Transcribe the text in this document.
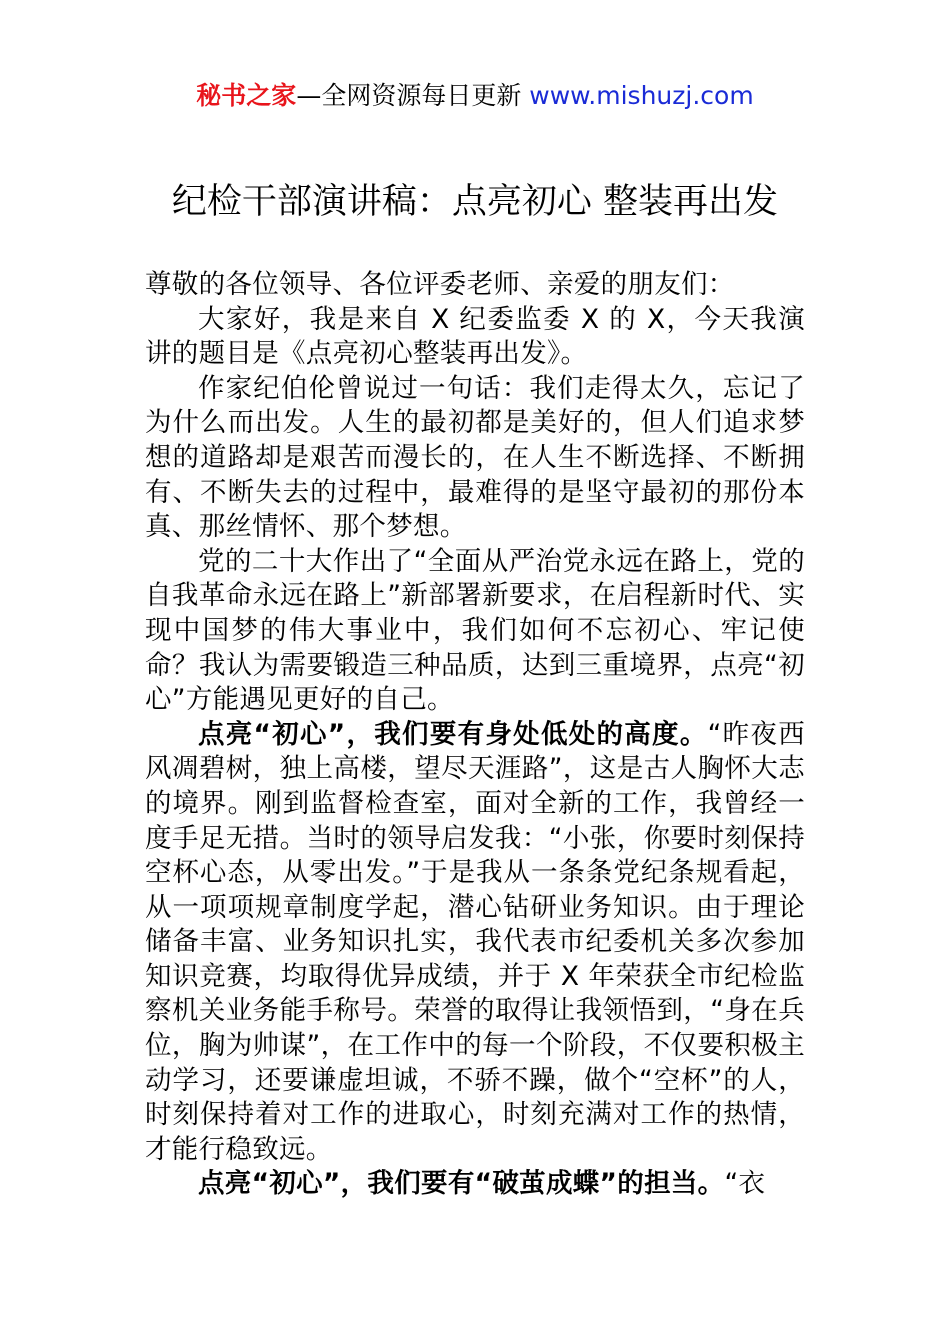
秘书之家—全网资源每日更新 www.mishuzj.com
纪检干部演讲稿：点亮初心 整装再出发

尊敬的各位领导、各位评委老师、亲爱的朋友们：

大家好，我是来自 X 纪委监委 X 的 X，今天我演讲的题目是《点亮初心整装再出发》。

作家纪伯伦曾说过一句话：我们走得太久，忘记了为什么而出发。人生的最初都是美好的，但人们追求梦想的道路却是艰苦而漫长的，在人生不断选择、不断拥有、不断失去的过程中，最难得的是坚守最初的那份本真、那丝情怀、那个梦想。

党的二十大作出了“全面从严治党永远在路上，党的自我革命永远在路上”新部署新要求，在启程新时代、实现中国梦的伟大事业中，我们如何不忘初心、牢记使命？我认为需要锻造三种品质，达到三重境界，点亮“初心”方能遇见更好的自己。

点亮“初心”，我们要有身处低处的高度。“昨夜西风凋碧树，独上高楼，望尽天涯路”，这是古人胸怀大志的境界。刚到监督检查室，面对全新的工作，我曾经一度手足无措。当时的领导启发我：“小张，你要时刻保持空杯心态，从零出发。”于是我从一条条党纪条规看起，从一项项规章制度学起，潜心钻研业务知识。由于理论储备丰富、业务知识扎实，我代表市纪委机关多次参加知识竞赛，均取得优异成绩，并于 X 年荣获全市纪检监察机关业务能手称号。荣誉的取得让我领悟到，“身在兵位，胸为帅谋”，在工作中的每一个阶段，不仅要积极主动学习，还要谦虚坦诚，不骄不躁，做个“空杯”的人，时刻保持着对工作的进取心，时刻充满对工作的热情，才能行稳致远。

点亮“初心”，我们要有“破茧成蝶”的担当。“衣
